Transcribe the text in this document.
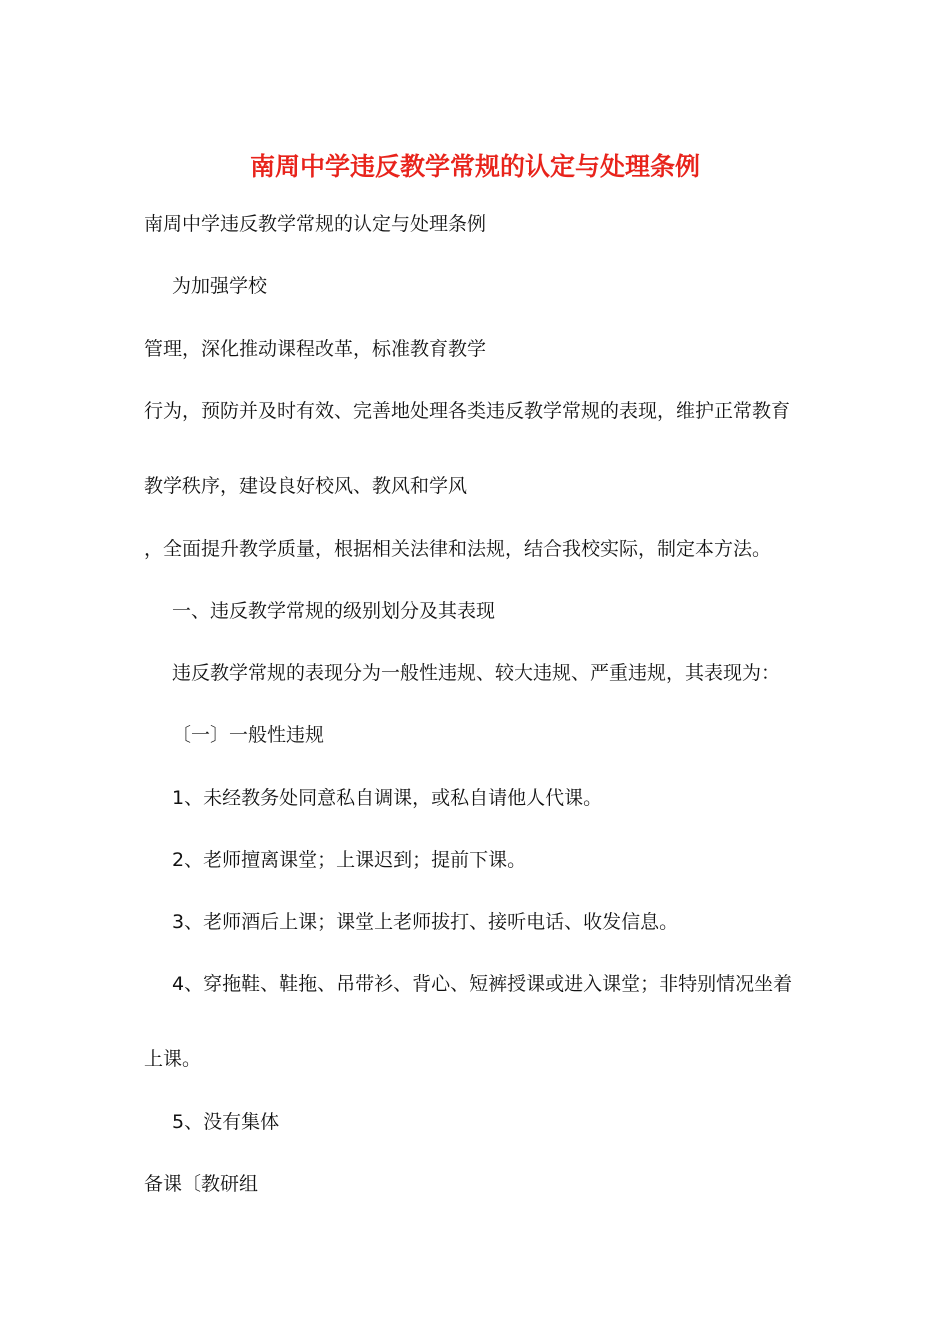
南周中学违反教学常规的认定与处理条例
南周中学违反教学常规的认定与处理条例
为加强学校
管理，深化推动课程改革，标准教育教学
行为，预防并及时有效、完善地处理各类违反教学常规的表现，维护正常教育
教学秩序，建设良好校风、教风和学风
，全面提升教学质量，根据相关法律和法规，结合我校实际，制定本方法。
一、违反教学常规的级别划分及其表现
违反教学常规的表现分为一般性违规、较大违规、严重违规，其表现为：
〔一〕一般性违规
1、未经教务处同意私自调课，或私自请他人代课。
2、老师擅离课堂；上课迟到；提前下课。
3、老师酒后上课；课堂上老师拔打、接听电话、收发信息。
4、穿拖鞋、鞋拖、吊带衫、背心、短裤授课或进入课堂；非特别情况坐着
上课。
5、没有集体
备课〔教研组
